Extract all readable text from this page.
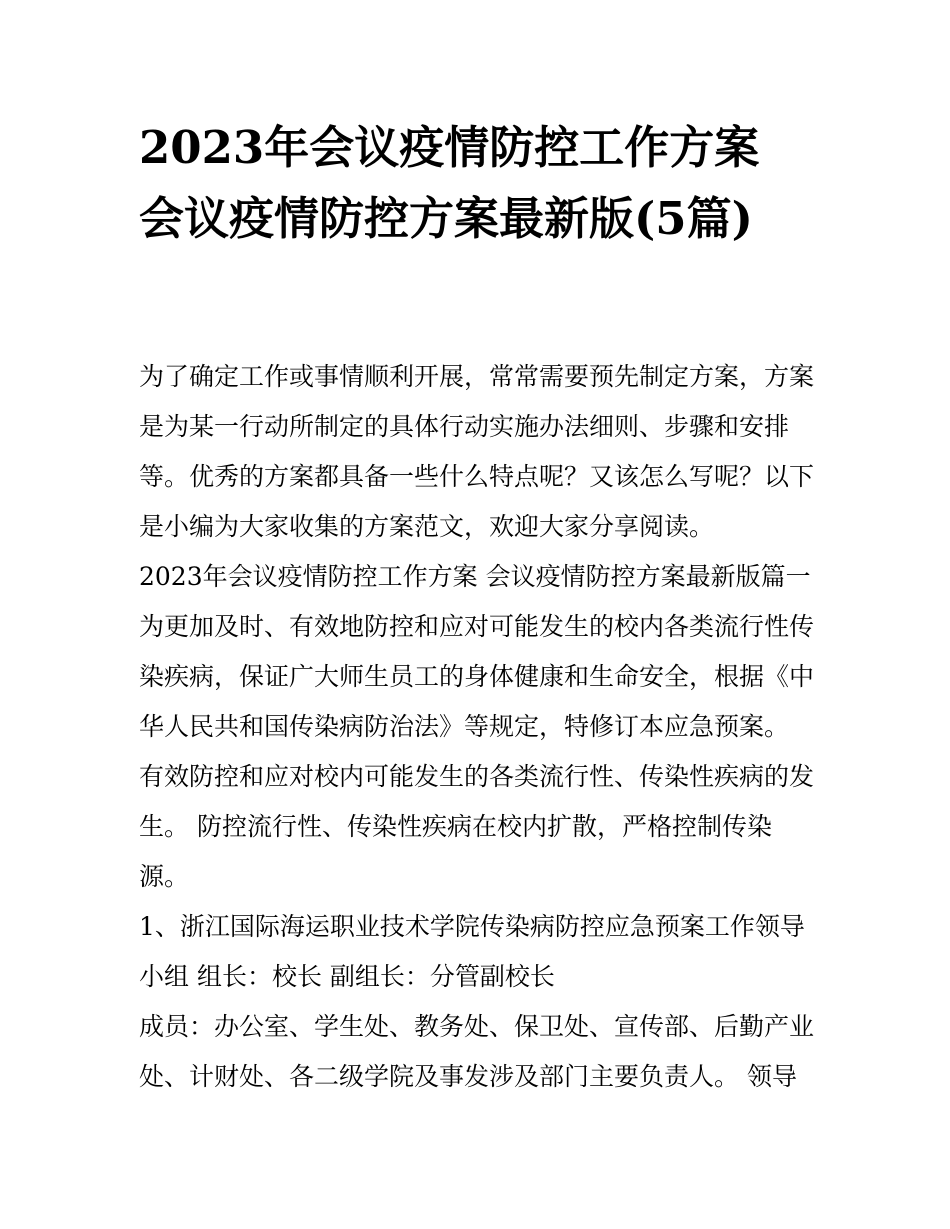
2023年会议疫情防控工作方案 会议疫情防控方案最新版(5篇)

为了确定工作或事情顺利开展，常常需要预先制定方案，方案是为某一行动所制定的具体行动实施办法细则、步骤和安排等。优秀的方案都具备一些什么特点呢？又该怎么写呢？以下是小编为大家收集的方案范文，欢迎大家分享阅读。

2023年会议疫情防控工作方案 会议疫情防控方案最新版篇一

为更加及时、有效地防控和应对可能发生的校内各类流行性传染疾病，保证广大师生员工的身体健康和生命安全，根据《中华人民共和国传染病防治法》等规定，特修订本应急预案。

有效防控和应对校内可能发生的各类流行性、传染性疾病的发生。 防控流行性、传染性疾病在校内扩散，严格控制传染源。

1、浙江国际海运职业技术学院传染病防控应急预案工作领导小组 组长：校长 副组长：分管副校长

成员：办公室、学生处、教务处、保卫处、宣传部、后勤产业处、计财处、各二级学院及事发涉及部门主要负责人。 领导
